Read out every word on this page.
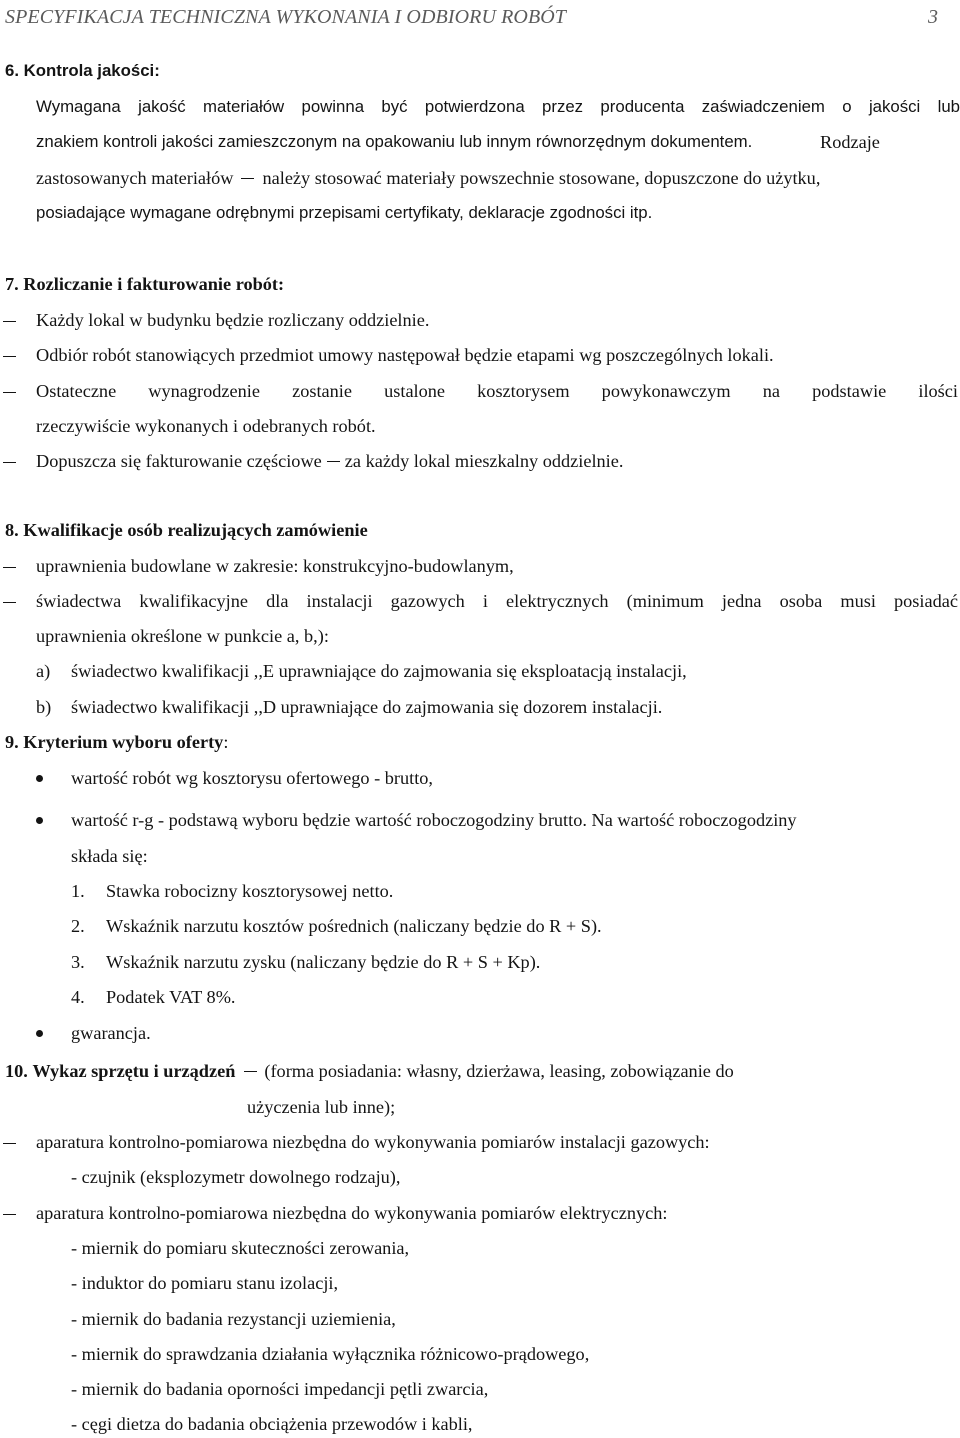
SPECYFIKACJA TECHNICZNA WYKONANIA I ODBIORU ROBÓT	3
6. Kontrola jakości:
Wymagana jakość materiałów powinna być potwierdzona przez producenta zaświadczeniem o jakości lub
znakiem kontroli jakości zamieszczonym na opakowaniu lub innym równorzędnym dokumentem.	Rodzaje
zastosowanych materiałów należy stosować materiały powszechnie stosowane, dopuszczone do użytku,
posiadające wymagane odrębnymi przepisami certyfikaty, deklaracje zgodności itp.
7. Rozliczanie i fakturowanie robót:
Każdy lokal w budynku będzie rozliczany oddzielnie.
Odbiór robót stanowiących przedmiot umowy następował będzie etapami wg poszczególnych lokali.
Ostateczne wynagrodzenie zostanie ustalone kosztorysem powykonawczym na podstawie ilości
rzeczywiście wykonanych i odebranych robót.
Dopuszcza się fakturowanie częściowe za każdy lokal mieszkalny oddzielnie.
8. Kwalifikacje osób realizujących zamówienie
uprawnienia budowlane w zakresie: konstrukcyjno-budowlanym,
świadectwa kwalifikacyjne dla instalacji gazowych i elektrycznych (minimum jedna osoba musi posiadać
uprawnienia określone w punkcie a, b,):
a) świadectwo kwalifikacji ,,E uprawniające do zajmowania się eksploatacją instalacji,
b) świadectwo kwalifikacji ,,D uprawniające do zajmowania się dozorem instalacji.
9. Kryterium wyboru oferty:
wartość robót wg kosztorysu ofertowego - brutto,
wartość r-g - podstawą wyboru będzie wartość roboczogodziny brutto. Na wartość roboczogodziny
składa się:
1. Stawka robocizny kosztorysowej netto.
2. Wskaźnik narzutu kosztów pośrednich (naliczany będzie do R + S).
3. Wskaźnik narzutu zysku (naliczany będzie do R + S + Kp).
4. Podatek VAT 8%.
gwarancja.
10. Wykaz sprzętu i urządzeń (forma posiadania: własny, dzierżawa, leasing, zobowiązanie do
użyczenia lub inne);
aparatura kontrolno-pomiarowa niezbędna do wykonywania pomiarów instalacji gazowych:
- czujnik (eksplozymetr dowolnego rodzaju),
aparatura kontrolno-pomiarowa niezbędna do wykonywania pomiarów elektrycznych:
- miernik do pomiaru skuteczności zerowania,
- induktor do pomiaru stanu izolacji,
- miernik do badania rezystancji uziemienia,
- miernik do sprawdzania działania wyłącznika różnicowo-prądowego,
- miernik do badania oporności impedancji pętli zwarcia,
- cęgi dietza do badania obciążenia przewodów i kabli,
